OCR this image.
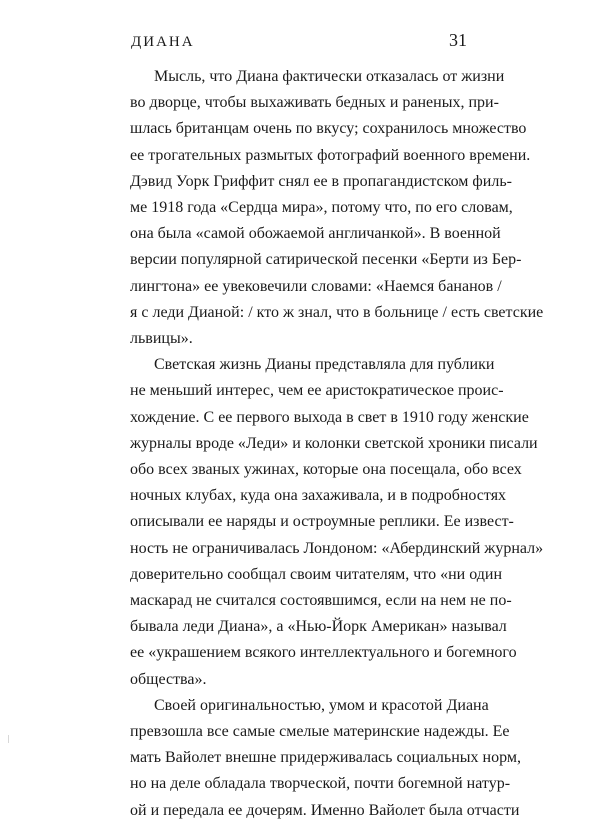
ДИАНА	31
Мысль, что Диана фактически отказалась от жизни
во дворце, чтобы выхаживать бедных и раненых, при-
шлась британцам очень по вкусу; сохранилось множество
ее трогательных размытых фотографий военного времени.
Дэвид Уорк Гриффит снял ее в пропагандистском филь-
ме 1918 года «Сердца мира», потому что, по его словам,
она была «самой обожаемой англичанкой». В военной
версии популярной сатирической песенки «Берти из Бер-
лингтона» ее увековечили словами: «Наемся бананов /
я с леди Дианой: / кто ж знал, что в больнице / есть светские
львицы».
Светская жизнь Дианы представляла для публики
не меньший интерес, чем ее аристократическое проис-
хождение. С ее первого выхода в свет в 1910 году женские
журналы вроде «Леди» и колонки светской хроники писали
обо всех званых ужинах, которые она посещала, обо всех
ночных клубах, куда она захаживала, и в подробностях
описывали ее наряды и остроумные реплики. Ее извест-
ность не ограничивалась Лондоном: «Абердинский журнал»
доверительно сообщал своим читателям, что «ни один
маскарад не считался состоявшимся, если на нем не по-
бывала леди Диана», а «Нью-Йорк Американ» называл
ее «украшением всякого интеллектуального и богемного
общества».
Своей оригинальностью, умом и красотой Диана
превзошла все самые смелые материнские надежды. Ее
мать Вайолет внешне придерживалась социальных норм,
но на деле обладала творческой, почти богемной натур-
ой и передала ее дочерям. Именно Вайолет была отчасти
